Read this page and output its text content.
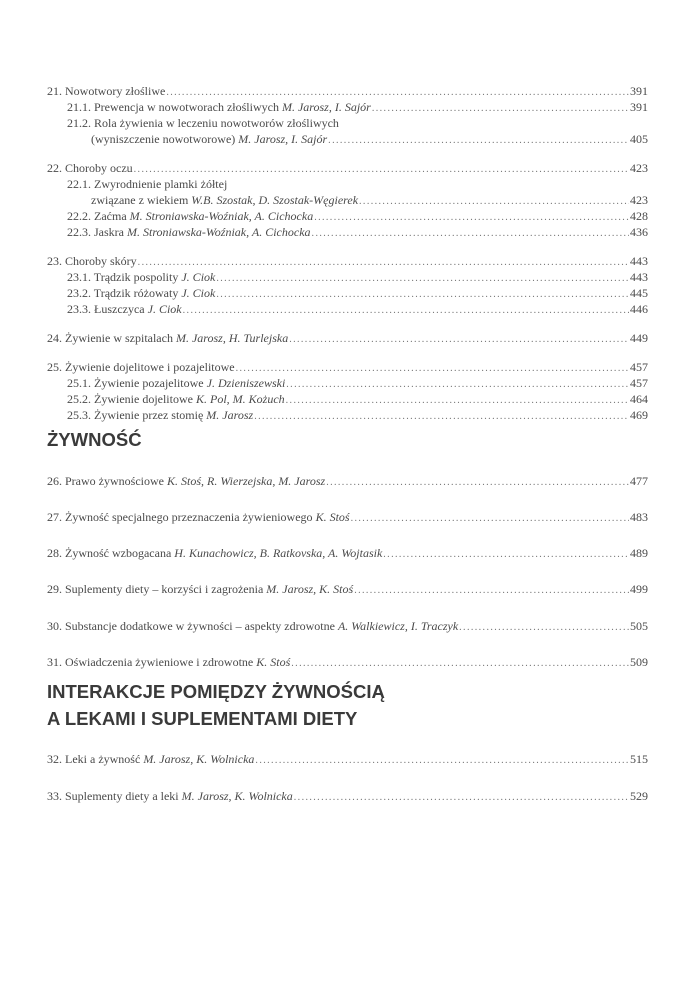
21. Nowotwory złośliwe .....	391
21.1. Prewencja w nowotworach złośliwych
M. Jarosz, I. Sajór .....	391
21.2. Rola żywienia w leczeniu nowotworów złośliwych
(wyniszczenie nowotworowe)
M. Jarosz, I. Sajór .....	405
22. Choroby oczu .....	423
22.1. Zwyrodnienie plamki żółtej
związane z wiekiem
W.B. Szostak, D. Szostak-Węgierek .....	423
22.2. Zaćma
M. Stroniawska-Woźniak, A. Cichocka .....	428
22.3. Jaskra
M. Stroniawska-Woźniak, A. Cichocka .....	436
23. Choroby skóry .....	443
23.1. Trądzik pospolity
J. Ciok .....	443
23.2. Trądzik różowaty
J. Ciok .....	445
23.3. Łuszczyca
J. Ciok .....	446
24. Żywienie w szpitalach
M. Jarosz, H. Turlejska .....	449
25. Żywienie dojelitowe i pozajelitowe .....	457
25.1. Żywienie pozajelitowe
J. Dzieniszewski .....	457
25.2. Żywienie dojelitowe
K. Pol, M. Kożuch .....	464
25.3. Żywienie przez stomię
M. Jarosz .....	469
ŻYWNOŚĆ
26. Prawo żywnościowe
K. Stoś, R. Wierzejska, M. Jarosz .....	477
27. Żywność specjalnego przeznaczenia żywieniowego
K. Stoś .....	483
28. Żywność wzbogacana
H. Kunachowicz, B. Ratkovska, A. Wojtasik .....	489
29. Suplementy diety – korzyści i zagrożenia
M. Jarosz, K. Stoś .....	499
30. Substancje dodatkowe w żywności – aspekty zdrowotne
A. Walkiewicz, I. Traczyk .....	505
31. Oświadczenia żywieniowe i zdrowotne
K. Stoś .....	509
INTERAKCJE POMIĘDZY ŻYWNOŚCIĄ
A LEKAMI I SUPLEMENTAMI DIETY
32. Leki a żywność
M. Jarosz, K. Wolnicka .....	515
33. Suplementy diety a leki
M. Jarosz, K. Wolnicka .....	529
